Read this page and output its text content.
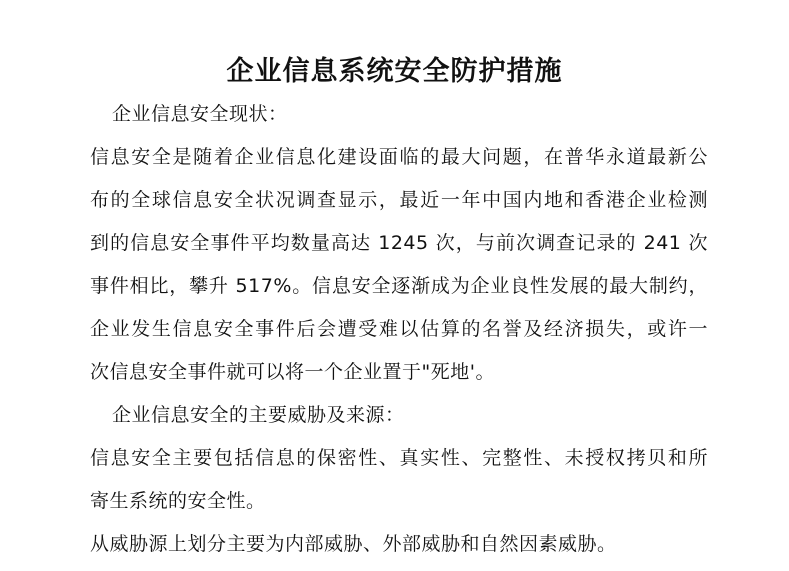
企业信息系统安全防护措施
企业信息安全现状：
信息安全是随着企业信息化建设面临的最大问题，在普华永道最新公
布的全球信息安全状况调查显示，最近一年中国内地和香港企业检测
到的信息安全事件平均数量高达 1245 次，与前次调查记录的 241 次
事件相比，攀升 517%。信息安全逐渐成为企业良性发展的最大制约，
企业发生信息安全事件后会遭受难以估算的名誉及经济损失，或许一
次信息安全事件就可以将一个企业置于"死地'。
企业信息安全的主要威胁及来源：
信息安全主要包括信息的保密性、真实性、完整性、未授权拷贝和所
寄生系统的安全性。
从威胁源上划分主要为内部威胁、外部威胁和自然因素威胁。
